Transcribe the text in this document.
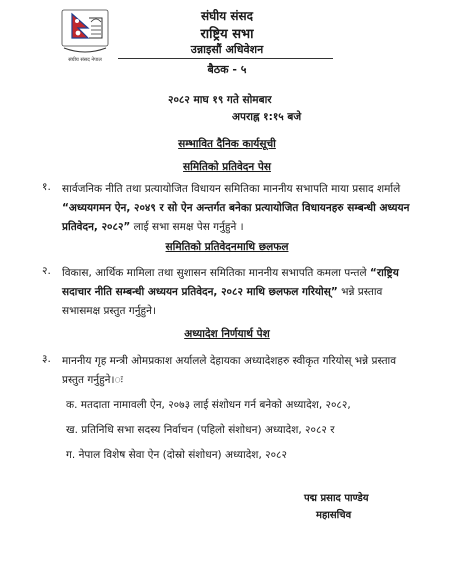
संघीय संसद नेपाल
संघीय संसद
राष्ट्रिय सभा
उन्नाइसौं अधिवेशन
बैठक - ५
२०८२ माघ १९ गते सोमबार
अपराह्न १:१५ बजे
सम्भावित दैनिक कार्यसूची
समितिको प्रतिवेदन पेस
१. सार्वजनिक नीति तथा प्रत्यायोजित विधायन समितिका माननीय सभापति माया प्रसाद शर्माले “अध्ययगमन ऐन, २०४९ र सो ऐन अन्तर्गत बनेका प्रत्यायोजित विधायनहरु सम्बन्धी अध्ययन प्रतिवेदन, २०८२” लाई सभा समक्ष पेस गर्नुहुने ।
समितिको प्रतिवेदनमाथि छलफल
२. विकास, आर्थिक मामिला तथा सुशासन समितिका माननीय सभापति कमला पन्तले “राष्ट्रिय सदाचार नीति सम्बन्धी अध्ययन प्रतिवेदन, २०८२ माथि छलफल गरियोस्” भन्ने प्रस्ताव सभासमक्ष प्रस्तुत गर्नुहुने।
अध्यादेश निर्णयार्थ पेश
३. माननीय गृह मन्त्री ओमप्रकाश अर्यालले देहायका अध्यादेशहरु स्वीकृत गरियोस् भन्ने प्रस्ताव प्रस्तुत गर्नुहुने।ः
क. मतदाता नामावली ऐन, २०७३ लाई संशोधन गर्न बनेको अध्यादेश, २०८२,
ख. प्रतिनिधि सभा सदस्य निर्वाचन (पहिलो संशोधन) अध्यादेश, २०८२ र
ग. नेपाल विशेष सेवा ऐन (दोस्रो संशोधन) अध्यादेश, २०८२
पद्म प्रसाद पाण्डेय
महासचिव
